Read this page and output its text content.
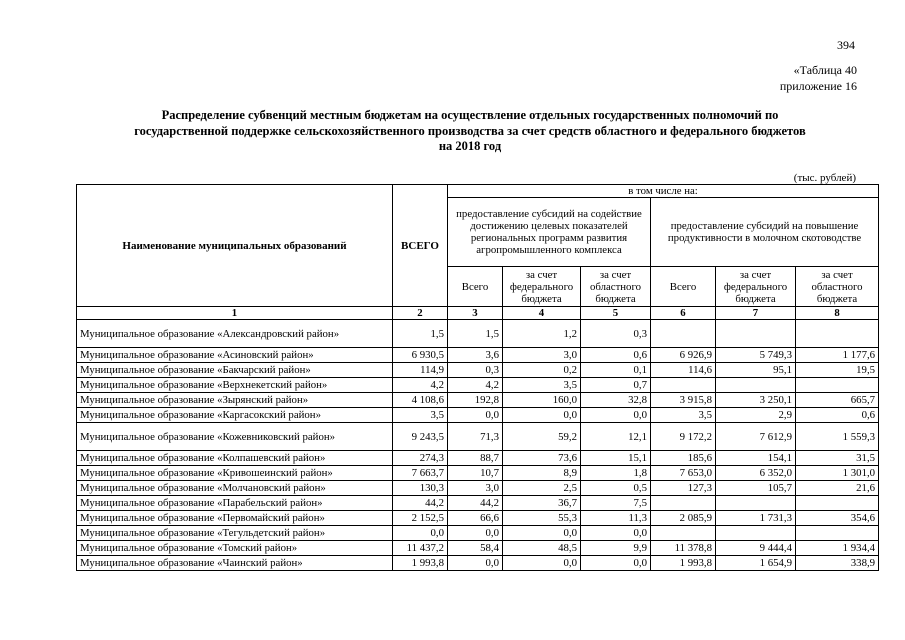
394
«Таблица 40
приложение 16
Распределение субвенций местным бюджетам на осуществление отдельных государственных полномочий по
государственной поддержке сельскохозяйственного производства за счет средств областного и федерального бюджетов
на 2018 год
(тыс. рублей)
Наименование муниципальных образований	ВСЕГО	в том числе на:					
		предоставление субсидий на содействие достижению целевых показателей региональных программ развития агропромышленного комплекса			предоставление субсидий на повышение продуктивности в молочном скотоводстве		
		Всего	за счет федерального бюджета	за счет областного бюджета	Всего	за счет федерального бюджета	за счет областного бюджета
1	2	3	4	5	6	7	8
Муниципальное образование «Александровский район»	1,5	1,5	1,2	0,3			
Муниципальное образование «Асиновский район»	6 930,5	3,6	3,0	0,6	6 926,9	5 749,3	1 177,6
Муниципальное образование «Бакчарский район»	114,9	0,3	0,2	0,1	114,6	95,1	19,5
Муниципальное образование «Верхнекетский район»	4,2	4,2	3,5	0,7			
Муниципальное образование «Зырянский район»	4 108,6	192,8	160,0	32,8	3 915,8	3 250,1	665,7
Муниципальное образование «Каргасокский район»	3,5	0,0	0,0	0,0	3,5	2,9	0,6
Муниципальное образование «Кожевниковский район»	9 243,5	71,3	59,2	12,1	9 172,2	7 612,9	1 559,3
Муниципальное образование «Колпашевский район»	274,3	88,7	73,6	15,1	185,6	154,1	31,5
Муниципальное образование «Кривошеинский район»	7 663,7	10,7	8,9	1,8	7 653,0	6 352,0	1 301,0
Муниципальное образование «Молчановский район»	130,3	3,0	2,5	0,5	127,3	105,7	21,6
Муниципальное образование «Парабельский район»	44,2	44,2	36,7	7,5			
Муниципальное образование «Первомайский район»	2 152,5	66,6	55,3	11,3	2 085,9	1 731,3	354,6
Муниципальное образование «Тегульдетский район»	0,0	0,0	0,0	0,0			
Муниципальное образование «Томский район»	11 437,2	58,4	48,5	9,9	11 378,8	9 444,4	1 934,4
Муниципальное образование «Чаинский район»	1 993,8	0,0	0,0	0,0	1 993,8	1 654,9	338,9
